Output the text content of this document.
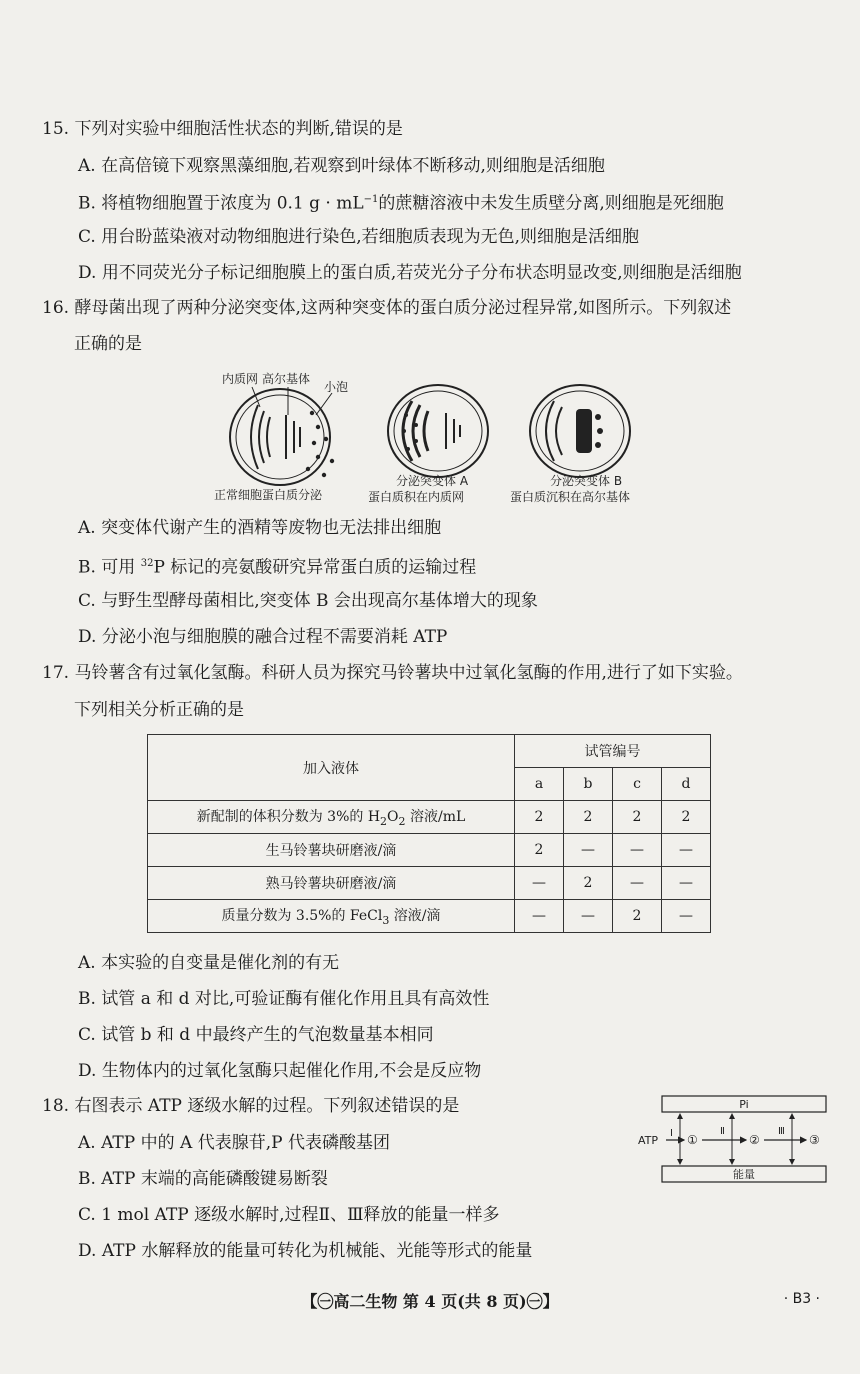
15. 下列对实验中细胞活性状态的判断,错误的是
A. 在高倍镜下观察黑藻细胞,若观察到叶绿体不断移动,则细胞是活细胞
B. 将植物细胞置于浓度为 0.1 $g \cdot mL^{-1}$的蔗糖溶液中未发生质壁分离,则细胞是死细胞
C. 用台盼蓝染液对动物细胞进行染色,若细胞质表现为无色,则细胞是活细胞
D. 用不同荧光分子标记细胞膜上的蛋白质,若荧光分子分布状态明显改变,则细胞是活细胞
16. 酵母菌出现了两种分泌突变体,这两种突变体的蛋白质分泌过程异常,如图所示。下列叙述
正确的是
内质网 高尔基体
小泡
正常细胞蛋白质分泌
分泌突变体 A
蛋白质积在内质网
分泌突变体 B
蛋白质沉积在高尔基体
A. 突变体代谢产生的酒精等废物也无法排出细胞
B. 可用 $^{32}$P 标记的亮氨酸研究异常蛋白质的运输过程
C. 与野生型酵母菌相比,突变体 B 会出现高尔基体增大的现象
D. 分泌小泡与细胞膜的融合过程不需要消耗 ATP
17. 马铃薯含有过氧化氢酶。科研人员为探究马铃薯块中过氧化氢酶的作用,进行了如下实验。
下列相关分析正确的是
加入液体	试管编号			
	a	b	c	d
新配制的体积分数为 3%的 $H_2O_2$ 溶液/mL	2	2	2	2
生马铃薯块研磨液/滴	2	—	—	—
熟马铃薯块研磨液/滴	—	2	—	—
质量分数为 3.5%的 FeCl$_3$ 溶液/滴	—	—	2	—
A. 本实验的自变量是催化剂的有无
B. 试管 a 和 d 对比,可验证酶有催化作用且具有高效性
C. 试管 b 和 d 中最终产生的气泡数量基本相同
D. 生物体内的过氧化氢酶只起催化作用,不会是反应物
18. 右图表示 ATP 逐级水解的过程。下列叙述错误的是
A. ATP 中的 A 代表腺苷,P 代表磷酸基团
B. ATP 末端的高能磷酸键易断裂
C. 1 mol ATP 逐级水解时,过程Ⅱ、Ⅲ释放的能量一样多
D. ATP 水解释放的能量可转化为机械能、光能等形式的能量
Pi
能量
ATP
Ⅰ ①
Ⅱ
②
Ⅲ
③
【㊀高二生物 第 4 页(共 8 页)㊀】	· B3 ·
